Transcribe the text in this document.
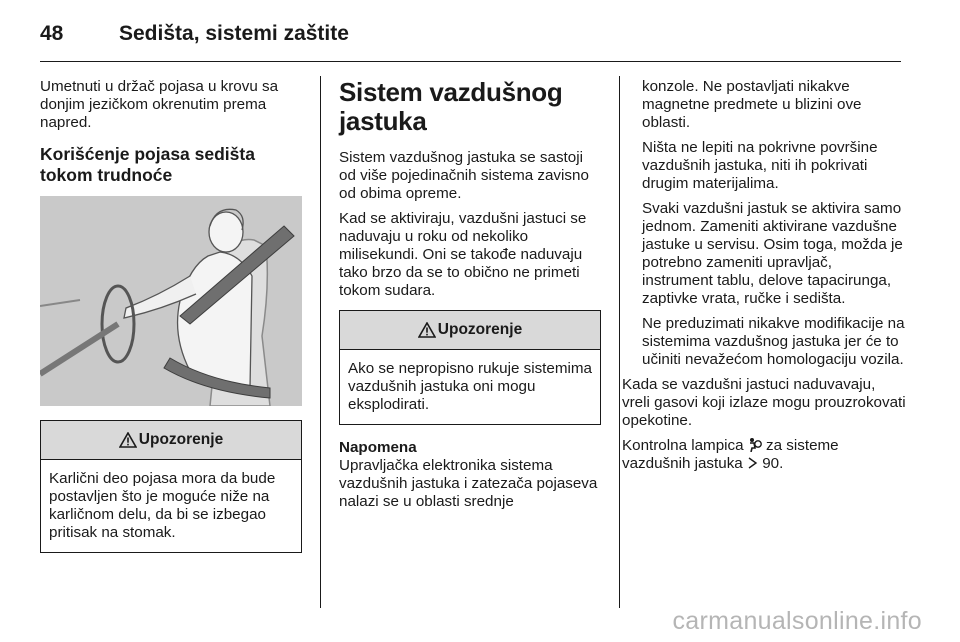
48	Sedišta, sistemi zaštite

Umetnuti u držač pojasa u krovu sa donjim jezičkom okrenutim prema napred.

Korišćenje pojasa sedišta tokom trudnoće
Upozorenje
Karlični deo pojasa mora da bude postavljen što je moguće niže na karličnom delu, da bi se izbegao pritisak na stomak.
Sistem vazdušnog jastuka

Sistem vazdušnog jastuka se sastoji od više pojedinačnih sistema zavisno od obima opreme.

Kad se aktiviraju, vazdušni jastuci se naduvaju u roku od nekoliko milisekundi. Oni se takođe naduvaju tako brzo da se to obično ne primeti tokom sudara.

Upozorenje
Ako se nepropisno rukuje sistemima vazdušnih jastuka oni mogu eksplodirati.
Napomena
Upravljačka elektronika sistema vazdušnih jastuka i zatezača pojaseva nalazi se u oblasti srednje

konzole. Ne postavljati nikakve magnetne predmete u blizini ove oblasti.

Ništa ne lepiti na pokrivne površine vazdušnih jastuka, niti ih pokrivati drugim materijalima.

Svaki vazdušni jastuk se aktivira samo jednom. Zameniti aktivirane vazdušne jastuke u servisu. Osim toga, možda je potrebno zameniti upravljač, instrument tablu, delove tapacirunga, zaptivke vrata, ručke i sedišta.

Ne preduzimati nikakve modifikacije na sistemima vazdušnog jastuka jer će to učiniti nevažećom homologaciju vozila.

Kada se vazdušni jastuci naduvavaju, vreli gasovi koji izlaze mogu prouzrokovati opekotine.

Kontrolna lampica za sisteme vazdušnih jastuka 90.

carmanualsonline.info
